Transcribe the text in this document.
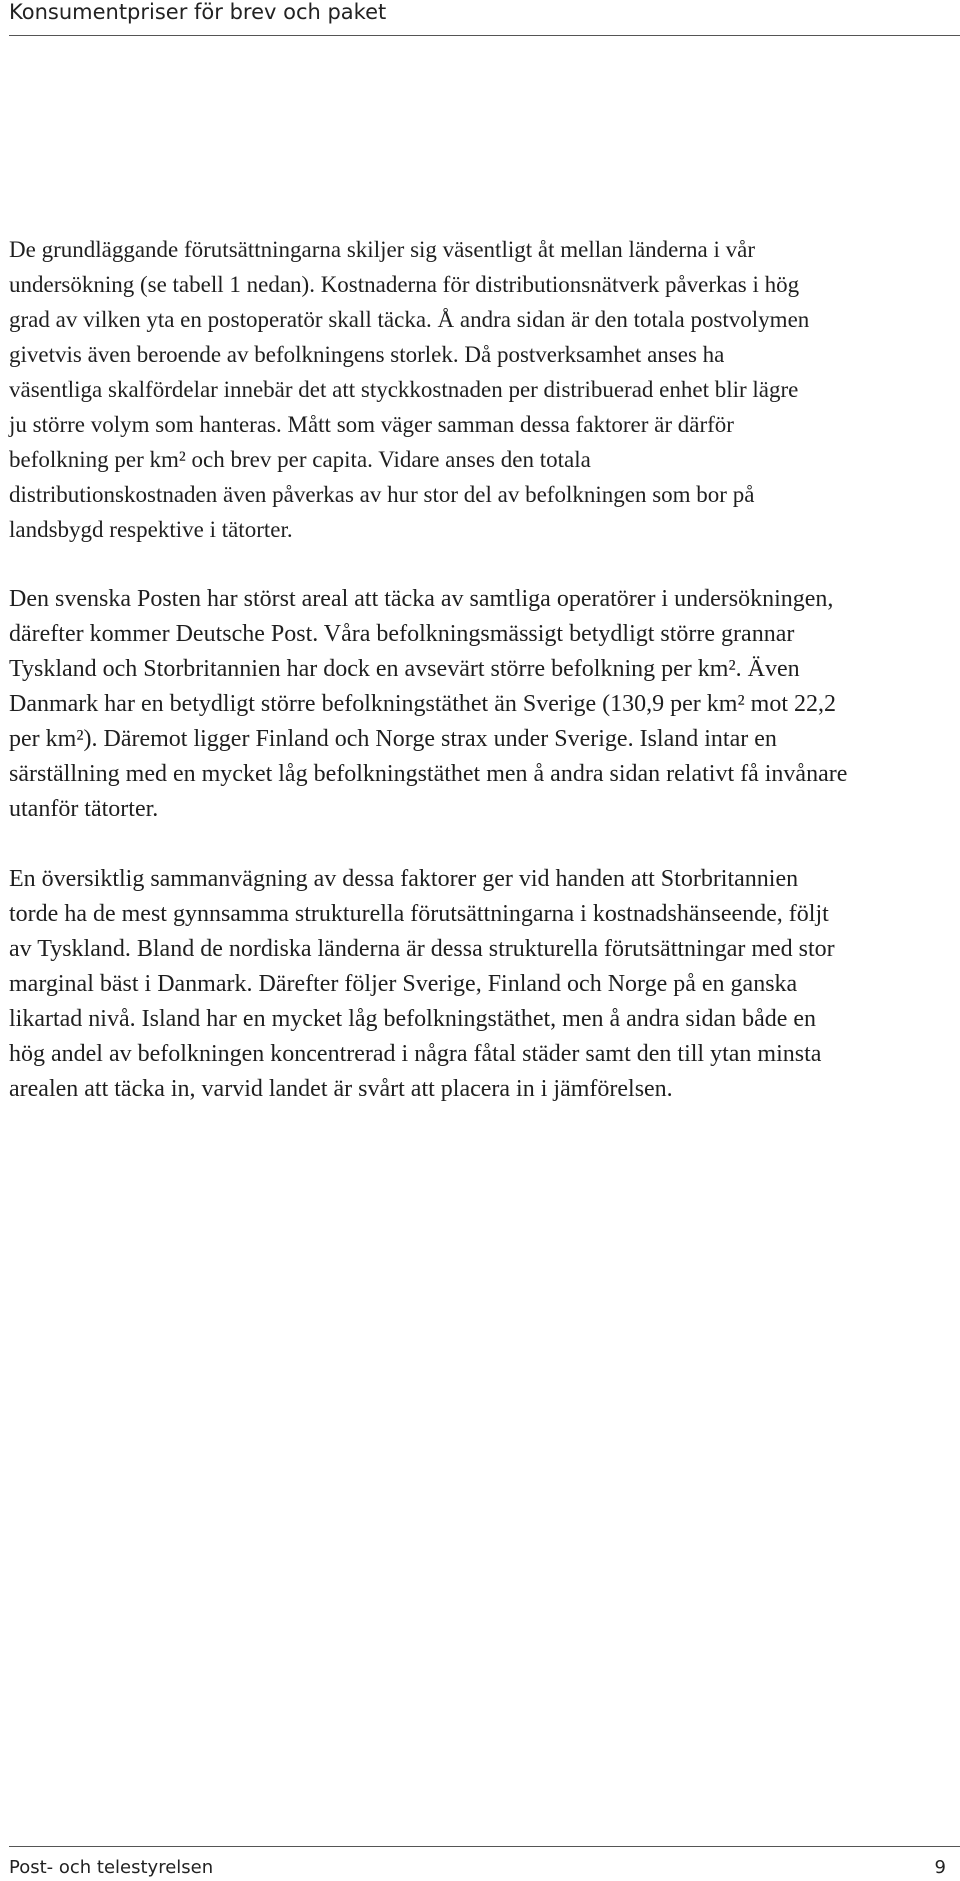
Konsumentpriser för brev och paket
De grundläggande förutsättningarna skiljer sig väsentligt åt mellan länderna i vår
undersökning (se tabell 1 nedan). Kostnaderna för distributionsnätverk påverkas i hög
grad av vilken yta en postoperatör skall täcka. Å andra sidan är den totala postvolymen
givetvis även beroende av befolkningens storlek. Då postverksamhet anses ha
väsentliga skalfördelar innebär det att styckkostnaden per distribuerad enhet blir lägre
ju större volym som hanteras. Mått som väger samman dessa faktorer är därför
befolkning per km² och brev per capita. Vidare anses den totala
distributionskostnaden även påverkas av hur stor del av befolkningen som bor på
landsbygd respektive i tätorter.
Den svenska Posten har störst areal att täcka av samtliga operatörer i undersökningen,
därefter kommer Deutsche Post. Våra befolkningsmässigt betydligt större grannar
Tyskland och Storbritannien har dock en avsevärt större befolkning per km². Även
Danmark har en betydligt större befolkningstäthet än Sverige (130,9 per km² mot 22,2
per km²). Däremot ligger Finland och Norge strax under Sverige. Island intar en
särställning med en mycket låg befolkningstäthet men å andra sidan relativt få invånare
utanför tätorter.
En översiktlig sammanvägning av dessa faktorer ger vid handen att Storbritannien
torde ha de mest gynnsamma strukturella förutsättningarna i kostnadshänseende, följt
av Tyskland. Bland de nordiska länderna är dessa strukturella förutsättningar med stor
marginal bäst i Danmark. Därefter följer Sverige, Finland och Norge på en ganska
likartad nivå. Island har en mycket låg befolkningstäthet, men å andra sidan både en
hög andel av befolkningen koncentrerad i några fåtal städer samt den till ytan minsta
arealen att täcka in, varvid landet är svårt att placera in i jämförelsen.
Post- och telestyrelsen	9
